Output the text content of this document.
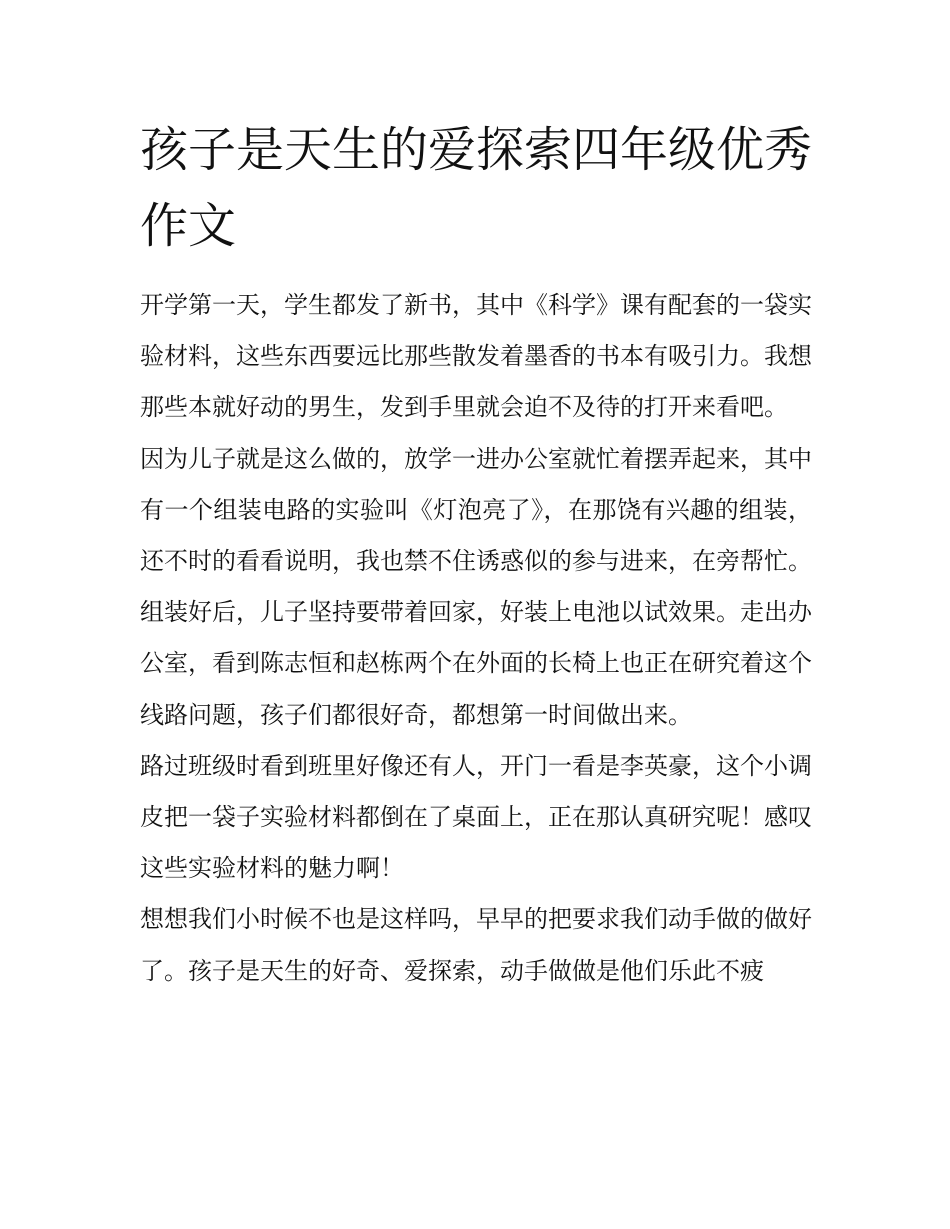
孩子是天生的爱探索四年级优秀作文

开学第一天，学生都发了新书，其中《科学》课有配套的一袋实验材料，这些东西要远比那些散发着墨香的书本有吸引力。我想那些本就好动的男生，发到手里就会迫不及待的打开来看吧。

因为儿子就是这么做的，放学一进办公室就忙着摆弄起来，其中有一个组装电路的实验叫《灯泡亮了》，在那饶有兴趣的组装，还不时的看看说明，我也禁不住诱惑似的参与进来，在旁帮忙。

组装好后，儿子坚持要带着回家，好装上电池以试效果。走出办公室，看到陈志恒和赵栋两个在外面的长椅上也正在研究着这个线路问题，孩子们都很好奇，都想第一时间做出来。

路过班级时看到班里好像还有人，开门一看是李英豪，这个小调皮把一袋子实验材料都倒在了桌面上，正在那认真研究呢！感叹这些实验材料的魅力啊！

想想我们小时候不也是这样吗，早早的把要求我们动手做的做好了。孩子是天生的好奇、爱探索，动手做做是他们乐此不疲
